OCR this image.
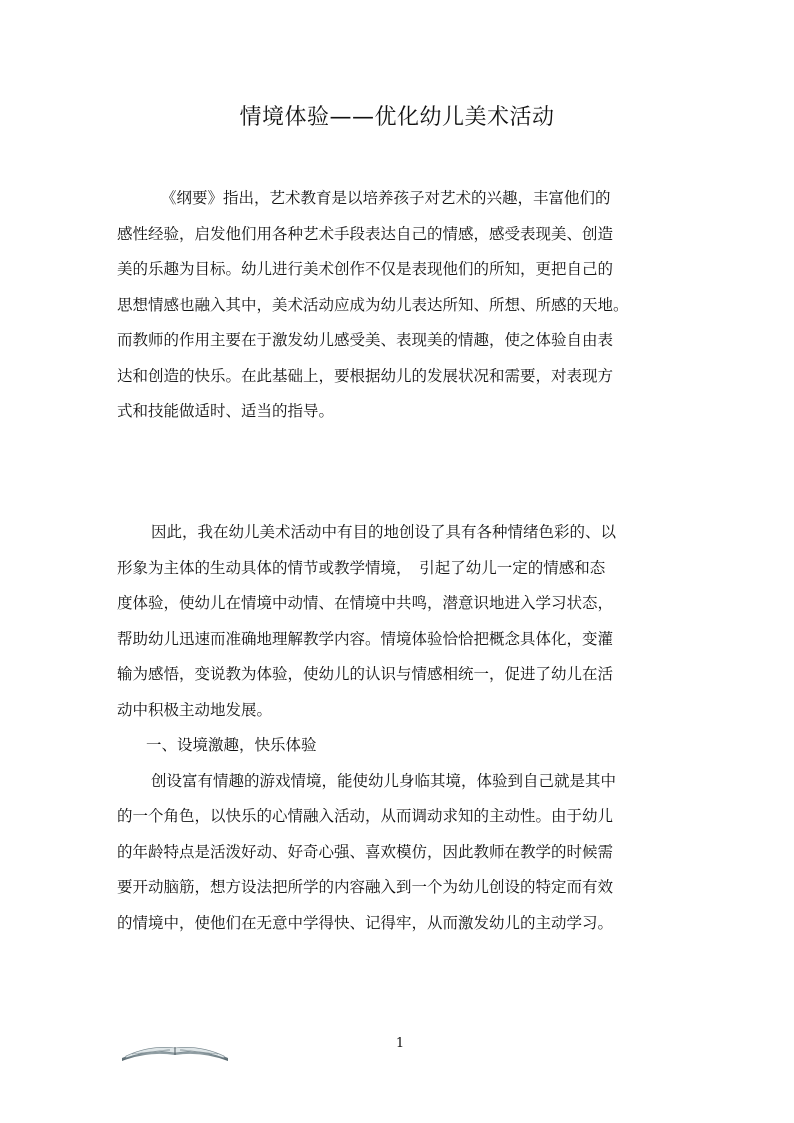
情境体验——优化幼儿美术活动
《纲要》指出，艺术教育是以培养孩子对艺术的兴趣，丰富他们的
感性经验，启发他们用各种艺术手段表达自己的情感，感受表现美、创造
美的乐趣为目标。幼儿进行美术创作不仅是表现他们的所知，更把自己的
思想情感也融入其中，美术活动应成为幼儿表达所知、所想、所感的天地。
而教师的作用主要在于激发幼儿感受美、表现美的情趣，使之体验自由表
达和创造的快乐。在此基础上，要根据幼儿的发展状况和需要，对表现方
式和技能做适时、适当的指导。
因此，我在幼儿美术活动中有目的地创设了具有各种情绪色彩的、以
形象为主体的生动具体的情节或教学情境，　引起了幼儿一定的情感和态
度体验，使幼儿在情境中动情、在情境中共鸣，潜意识地进入学习状态，
帮助幼儿迅速而准确地理解教学内容。情境体验恰恰把概念具体化，变灌
输为感悟，变说教为体验，使幼儿的认识与情感相统一，促进了幼儿在活
动中积极主动地发展。
一、设境激趣，快乐体验
创设富有情趣的游戏情境，能使幼儿身临其境，体验到自己就是其中
的一个角色，以快乐的心情融入活动，从而调动求知的主动性。由于幼儿
的年龄特点是活泼好动、好奇心强、喜欢模仿，因此教师在教学的时候需
要开动脑筋，想方设法把所学的内容融入到一个为幼儿创设的特定而有效
的情境中，使他们在无意中学得快、记得牢，从而激发幼儿的主动学习。
1
